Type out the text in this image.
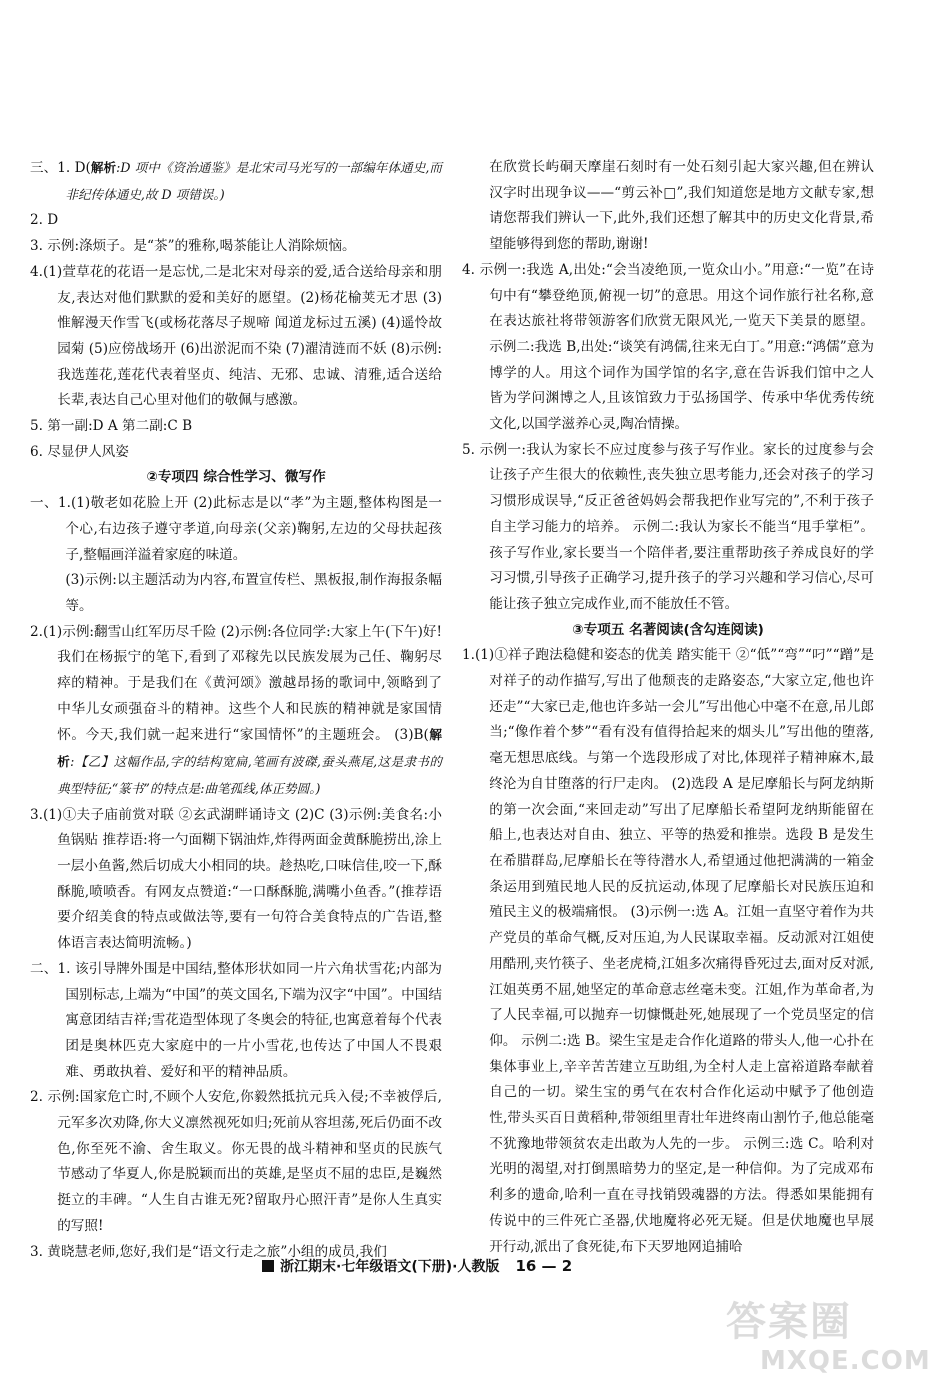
三、1. D(解析:D 项中《资治通鉴》是北宋司马光写的一部编年体通史,而非纪传体通史,故 D 项错误。)

2. D

3. 示例:涤烦子。是“茶”的雅称,喝茶能让人消除烦恼。

4.(1)萱草花的花语一是忘忧,二是北宋对母亲的爱,适合送给母亲和朋友,表达对他们默默的爱和美好的愿望。(2)杨花榆荚无才思 (3)惟解漫天作雪飞(或杨花落尽子规啼 闻道龙标过五溪) (4)遥怜故园菊 (5)应傍战场开 (6)出淤泥而不染 (7)濯清涟而不妖 (8)示例:我选莲花,莲花代表着坚贞、纯洁、无邪、忠诚、清雅,适合送给长辈,表达自己心里对他们的敬佩与感激。

5. 第一副:D A 第二副:C B

6. 尽显伊人风姿

②专项四 综合性学习、微写作

一、1.(1)敬老如花脸上开 (2)此标志是以“孝”为主题,整体构图是一个心,右边孩子遵守孝道,向母亲(父亲)鞠躬,左边的父母扶起孩子,整幅画洋溢着家庭的味道。

(3)示例:以主题活动为内容,布置宣传栏、黑板报,制作海报条幅等。

2.(1)示例:翻雪山红军历尽千险 (2)示例:各位同学:大家上午(下午)好!我们在杨振宁的笔下,看到了邓稼先以民族发展为己任、鞠躬尽瘁的精神。于是我们在《黄河颂》激越昂扬的歌词中,领略到了中华儿女顽强奋斗的精神。这些个人和民族的精神就是家国情怀。今天,我们就一起来进行“家国情怀”的主题班会。 (3)B(解析:【乙】这幅作品,字的结构宽扁,笔画有波磔,蚕头燕尾,这是隶书的典型特征;“篆书”的特点是:曲笔孤线,体正势圆。)

3.(1)①夫子庙前赏对联 ②玄武湖畔诵诗文 (2)C (3)示例:美食名:小鱼锅贴 推荐语:将一勺面糊下锅油炸,炸得两面金黄酥脆捞出,涂上一层小鱼酱,然后切成大小相同的块。趁热吃,口味信佳,咬一下,酥酥脆,喷喷香。有网友点赞道:“一口酥酥脆,满嘴小鱼香。”(推荐语要介绍美食的特点或做法等,要有一句符合美食特点的广告语,整体语言表达简明流畅。)

二、1. 该引导牌外围是中国结,整体形状如同一片六角状雪花;内部为国别标志,上端为“中国”的英文国名,下端为汉字“中国”。中国结寓意团结吉祥;雪花造型体现了冬奥会的特征,也寓意着每个代表团是奥林匹克大家庭中的一片小雪花,也传达了中国人不畏艰难、勇敢执着、爱好和平的精神品质。

2. 示例:国家危亡时,不顾个人安危,你毅然抵抗元兵入侵;不幸被俘后,元军多次劝降,你大义凛然视死如归;死前从容坦荡,死后仍面不改色,你至死不渝、舍生取义。你无畏的战斗精神和坚贞的民族气节感动了华夏人,你是脱颖而出的英雄,是坚贞不屈的忠臣,是巍然挺立的丰碑。“人生自古谁无死?留取丹心照汗青”是你人生真实的写照!

3. 黄晓慧老师,您好,我们是“语文行走之旅”小组的成员,我们

在欣赏长屿硐天摩崖石刻时有一处石刻引起大家兴趣,但在辨认汉字时出现争议——“剪云补□”,我们知道您是地方文献专家,想请您帮我们辨认一下,此外,我们还想了解其中的历史文化背景,希望能够得到您的帮助,谢谢!

4. 示例一:我选 A,出处:“会当凌绝顶,一览众山小。”用意:“一览”在诗句中有“攀登绝顶,俯视一切”的意思。用这个词作旅行社名称,意在表达旅社将带领游客们欣赏无限风光,一览天下美景的愿望。 示例二:我选 B,出处:“谈笑有鸿儒,往来无白丁。”用意:“鸿儒”意为博学的人。用这个词作为国学馆的名字,意在告诉我们馆中之人皆为学问渊博之人,且该馆致力于弘扬国学、传承中华优秀传统文化,以国学滋养心灵,陶冶情操。

5. 示例一:我认为家长不应过度参与孩子写作业。家长的过度参与会让孩子产生很大的依赖性,丧失独立思考能力,还会对孩子的学习习惯形成误导,“反正爸爸妈妈会帮我把作业写完的”,不利于孩子自主学习能力的培养。 示例二:我认为家长不能当“甩手掌柜”。孩子写作业,家长要当一个陪伴者,要注重帮助孩子养成良好的学习习惯,引导孩子正确学习,提升孩子的学习兴趣和学习信心,尽可能让孩子独立完成作业,而不能放任不管。

③专项五 名著阅读(含勾连阅读)

1.(1)①祥子跑法稳健和姿态的优美 踏实能干 ②“低”“弯”“叼”“蹭”是对祥子的动作描写,写出了他颓丧的走路姿态,“大家立定,他也许还走”“大家已走,他也许多站一会儿”写出他心中毫不在意,吊儿郎当;“像作着个梦”“看有没有值得拾起来的烟头儿”写出他的堕落,毫无想思底线。与第一个选段形成了对比,体现祥子精神麻木,最终沦为自甘堕落的行尸走肉。 (2)选段 A 是尼摩船长与阿龙纳斯的第一次会面,“来回走动”写出了尼摩船长希望阿龙纳斯能留在船上,也表达对自由、独立、平等的热爱和推崇。选段 B 是发生在希腊群岛,尼摩船长在等待潜水人,希望通过他把满满的一箱金条运用到殖民地人民的反抗运动,体现了尼摩船长对民族压迫和殖民主义的极端痛恨。 (3)示例一:选 A。江姐一直坚守着作为共产党员的革命气概,反对压迫,为人民谋取幸福。反动派对江姐使用酷刑,夹竹筷子、坐老虎椅,江姐多次痛得昏死过去,面对反对派,江姐英勇不屈,她坚定的革命意志丝毫未变。江姐,作为革命者,为了人民幸福,可以抛弃一切慷慨赴死,她展现了一个党员坚定的信仰。 示例二:选 B。梁生宝是走合作化道路的带头人,他一心扑在集体事业上,辛辛苦苦建立互助组,为全村人走上富裕道路奉献着自己的一切。梁生宝的勇气在农村合作化运动中赋予了他创造性,带头买百日黄稻种,带领组里青壮年进终南山割竹子,他总能毫不犹豫地带领贫农走出敢为人先的一步。 示例三:选 C。哈利对光明的渴望,对打倒黑暗势力的坚定,是一种信仰。为了完成邓布利多的遗命,哈利一直在寻找销毁魂器的方法。得悉如果能拥有传说中的三件死亡圣器,伏地魔将必死无疑。但是伏地魔也早展开行动,派出了食死徒,布下天罗地网追捕哈

浙江期末·七年级语文(下册)·人教版 16 — 2
答案圈
MXQE.COM
